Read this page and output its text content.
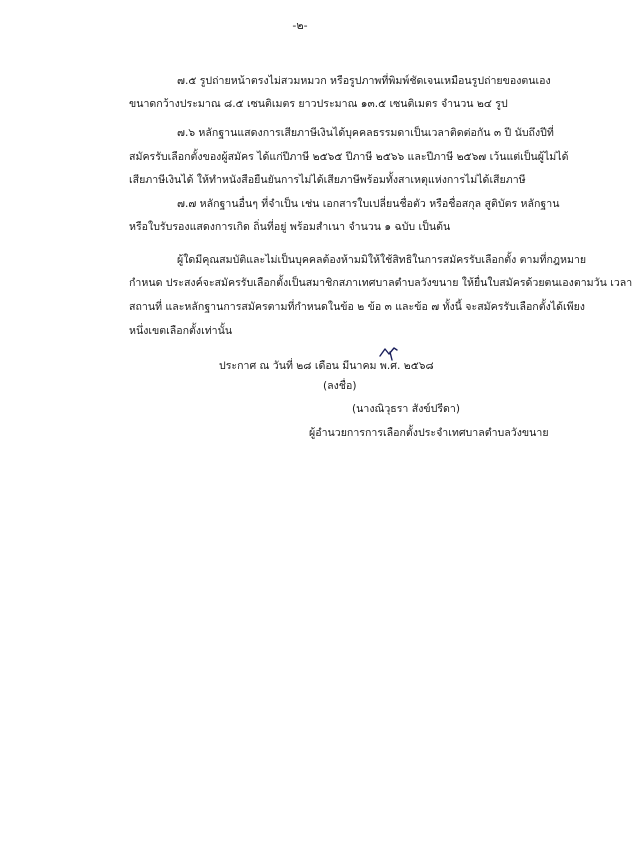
-๒-
๗.๕ รูปถ่ายหน้าตรงไม่สวมหมวก หรือรูปภาพที่พิมพ์ชัดเจนเหมือนรูปถ่ายของตนเอง
ขนาดกว้างประมาณ ๘.๕ เซนติเมตร ยาวประมาณ ๑๓.๕ เซนติเมตร จำนวน ๒๔ รูป
๗.๖ หลักฐานแสดงการเสียภาษีเงินได้บุคคลธรรมดาเป็นเวลาติดต่อกัน ๓ ปี นับถึงปีที่
สมัครรับเลือกตั้งของผู้สมัคร ได้แก่ปีภาษี ๒๕๖๕ ปีภาษี ๒๕๖๖ และปีภาษี ๒๕๖๗ เว้นแต่เป็นผู้ไม่ได้
เสียภาษีเงินได้ ให้ทำหนังสือยืนยันการไม่ได้เสียภาษีพร้อมทั้งสาเหตุแห่งการไม่ได้เสียภาษี
๗.๗ หลักฐานอื่นๆ ที่จำเป็น เช่น เอกสารใบเปลี่ยนชื่อตัว หรือชื่อสกุล สูติบัตร หลักฐาน
หรือใบรับรองแสดงการเกิด ถิ่นที่อยู่ พร้อมสำเนา จำนวน ๑ ฉบับ เป็นต้น
ผู้ใดมีคุณสมบัติและไม่เป็นบุคคลต้องห้ามมิให้ใช้สิทธิในการสมัครรับเลือกตั้ง ตามที่กฎหมาย
กำหนด ประสงค์จะสมัครรับเลือกตั้งเป็นสมาชิกสภาเทศบาลตำบลวังขนาย ให้ยื่นใบสมัครด้วยตนเองตามวัน เวลา
สถานที่ และหลักฐานการสมัครตามที่กำหนดในข้อ ๒ ข้อ ๓ และข้อ ๗ ทั้งนี้ จะสมัครรับเลือกตั้งได้เพียง
หนึ่งเขตเลือกตั้งเท่านั้น
ประกาศ ณ วันที่ ๒๘ เดือน มีนาคม พ.ศ. ๒๕๖๘
(ลงชื่อ)
(นางณิวุธรา สังข์ปรีดา)
ผู้อำนวยการการเลือกตั้งประจำเทศบาลตำบลวังขนาย
